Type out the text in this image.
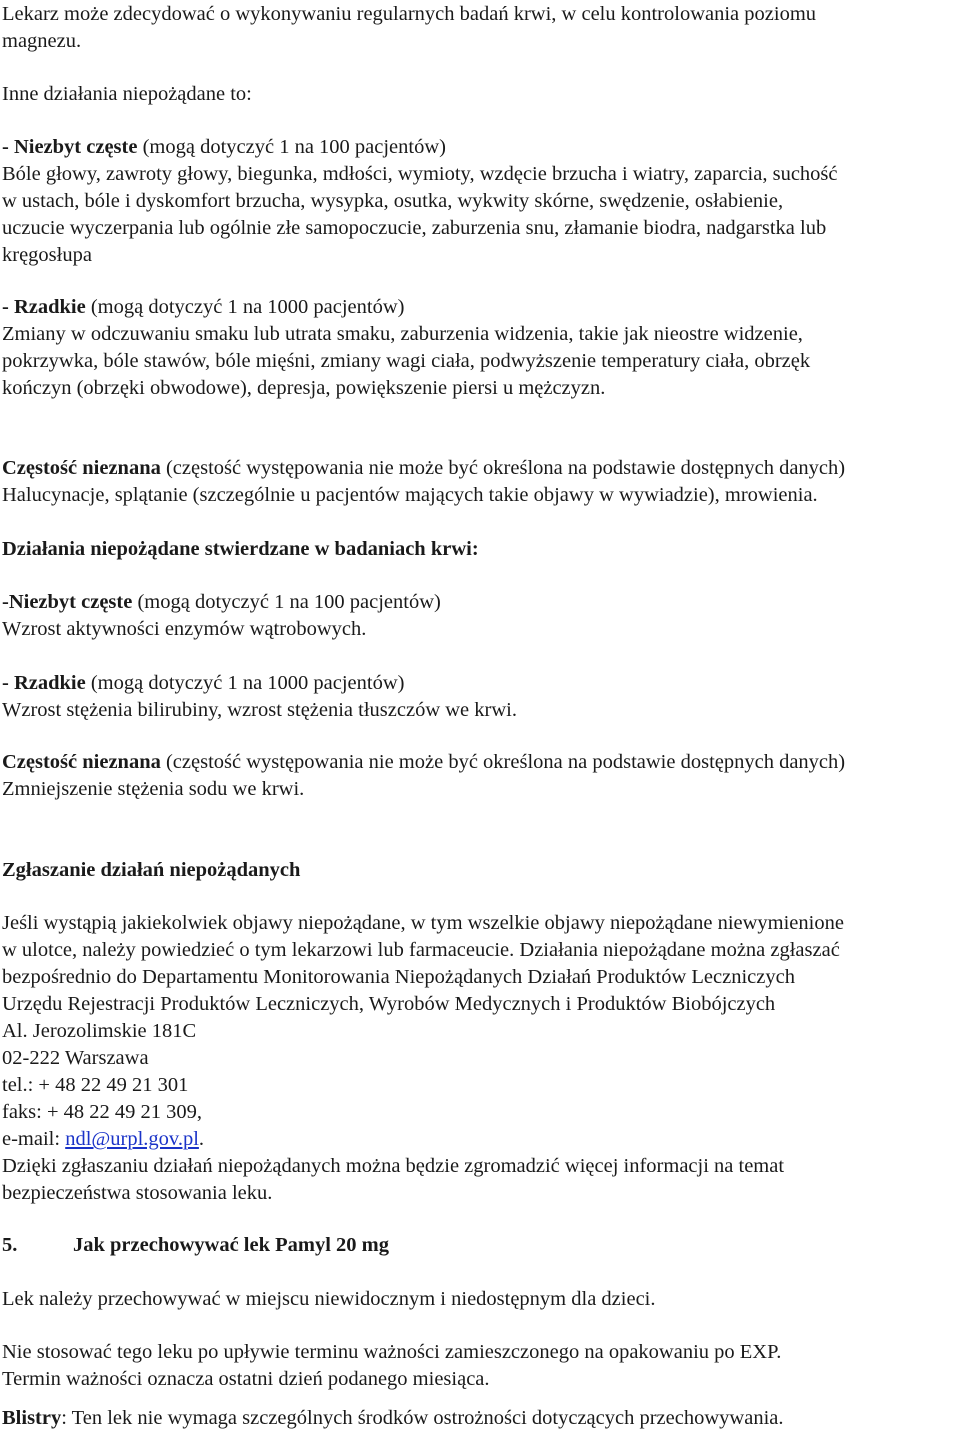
Lekarz może zdecydować o wykonywaniu regularnych badań krwi, w celu kontrolowania poziomu
magnezu.

Inne działania niepożądane to:

- Niezbyt częste (mogą dotyczyć 1 na 100 pacjentów)
Bóle głowy, zawroty głowy, biegunka, mdłości, wymioty, wzdęcie brzucha i wiatry, zaparcia, suchość
w ustach, bóle i dyskomfort brzucha, wysypka, osutka, wykwity skórne, swędzenie, osłabienie,
uczucie wyczerpania lub ogólnie złe samopoczucie, zaburzenia snu, złamanie biodra, nadgarstka lub
kręgosłupa

- Rzadkie (mogą dotyczyć 1 na 1000 pacjentów)
Zmiany w odczuwaniu smaku lub utrata smaku, zaburzenia widzenia, takie jak nieostre widzenie,
pokrzywka, bóle stawów, bóle mięśni, zmiany wagi ciała, podwyższenie temperatury ciała, obrzęk
kończyn (obrzęki obwodowe), depresja, powiększenie piersi u mężczyzn.

Częstość nieznana (częstość występowania nie może być określona na podstawie dostępnych danych)
Halucynacje, splątanie (szczególnie u pacjentów mających takie objawy w wywiadzie), mrowienia.

Działania niepożądane stwierdzane w badaniach krwi:

-Niezbyt częste (mogą dotyczyć 1 na 100 pacjentów)
Wzrost aktywności enzymów wątrobowych.

- Rzadkie (mogą dotyczyć 1 na 1000 pacjentów)
Wzrost stężenia bilirubiny, wzrost stężenia tłuszczów we krwi.

Częstość nieznana (częstość występowania nie może być określona na podstawie dostępnych danych)
Zmniejszenie stężenia sodu we krwi.

Zgłaszanie działań niepożądanych

Jeśli wystąpią jakiekolwiek objawy niepożądane, w tym wszelkie objawy niepożądane niewymienione
w ulotce, należy powiedzieć o tym lekarzowi lub farmaceucie. Działania niepożądane można zgłaszać
bezpośrednio do Departamentu Monitorowania Niepożądanych Działań Produktów Leczniczych
Urzędu Rejestracji Produktów Leczniczych, Wyrobów Medycznych i Produktów Biobójczych
Al. Jerozolimskie 181C
02-222 Warszawa
tel.: + 48 22 49 21 301
faks: + 48 22 49 21 309,
e-mail: ndl@urpl.gov.pl.
Dzięki zgłaszaniu działań niepożądanych można będzie zgromadzić więcej informacji na temat
bezpieczeństwa stosowania leku.

5.	Jak przechowywać lek Pamyl 20 mg

Lek należy przechowywać w miejscu niewidocznym i niedostępnym dla dzieci.

Nie stosować tego leku po upływie terminu ważności zamieszczonego na opakowaniu po EXP.
Termin ważności oznacza ostatni dzień podanego miesiąca.

Blistry: Ten lek nie wymaga szczególnych środków ostrożności dotyczących przechowywania.
